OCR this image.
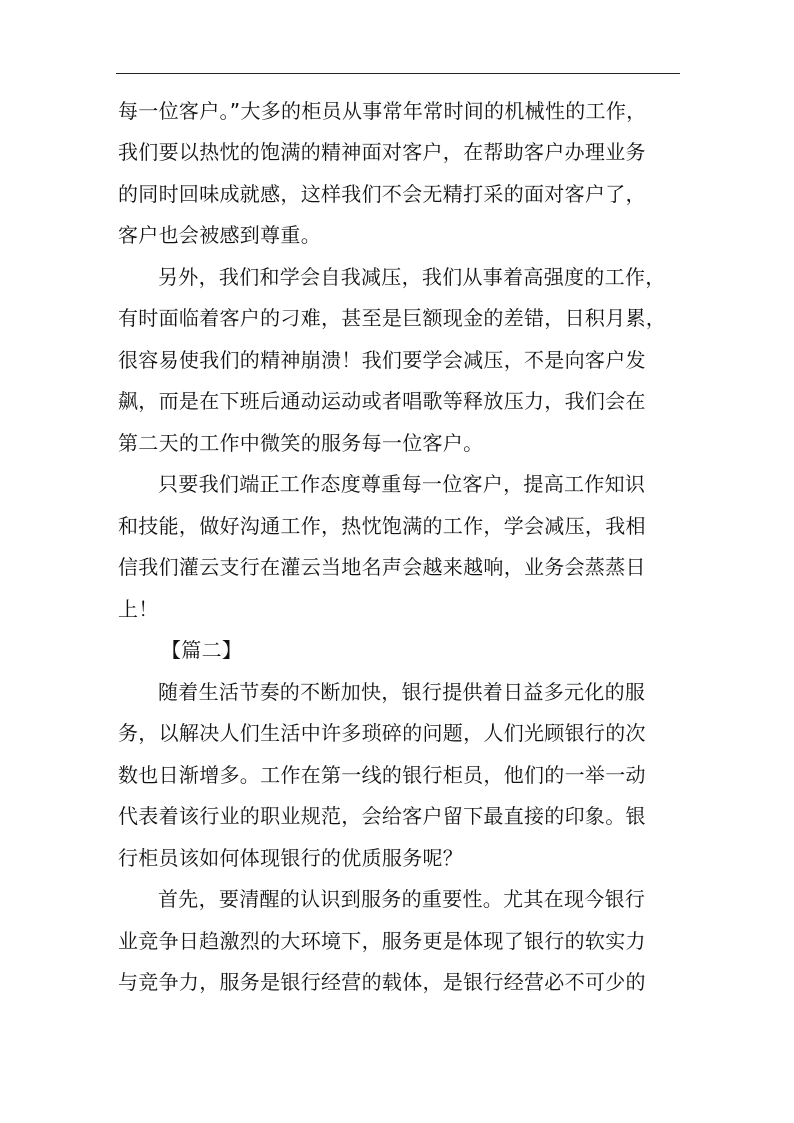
每一位客户。”大多的柜员从事常年常时间的机械性的工作，
我们要以热忱的饱满的精神面对客户，在帮助客户办理业务
的同时回味成就感，这样我们不会无精打采的面对客户了，
客户也会被感到尊重。
另外，我们和学会自我减压，我们从事着高强度的工作，
有时面临着客户的刁难，甚至是巨额现金的差错，日积月累，
很容易使我们的精神崩溃！我们要学会减压，不是向客户发
飙，而是在下班后通动运动或者唱歌等释放压力，我们会在
第二天的工作中微笑的服务每一位客户。
只要我们端正工作态度尊重每一位客户，提高工作知识
和技能，做好沟通工作，热忱饱满的工作，学会减压，我相
信我们灌云支行在灌云当地名声会越来越响，业务会蒸蒸日
上！
【篇二】
随着生活节奏的不断加快，银行提供着日益多元化的服
务，以解决人们生活中许多琐碎的问题，人们光顾银行的次
数也日渐增多。工作在第一线的银行柜员，他们的一举一动
代表着该行业的职业规范，会给客户留下最直接的印象。银
行柜员该如何体现银行的优质服务呢？
首先，要清醒的认识到服务的重要性。尤其在现今银行
业竞争日趋激烈的大环境下，服务更是体现了银行的软实力
与竞争力，服务是银行经营的载体，是银行经营必不可少的
